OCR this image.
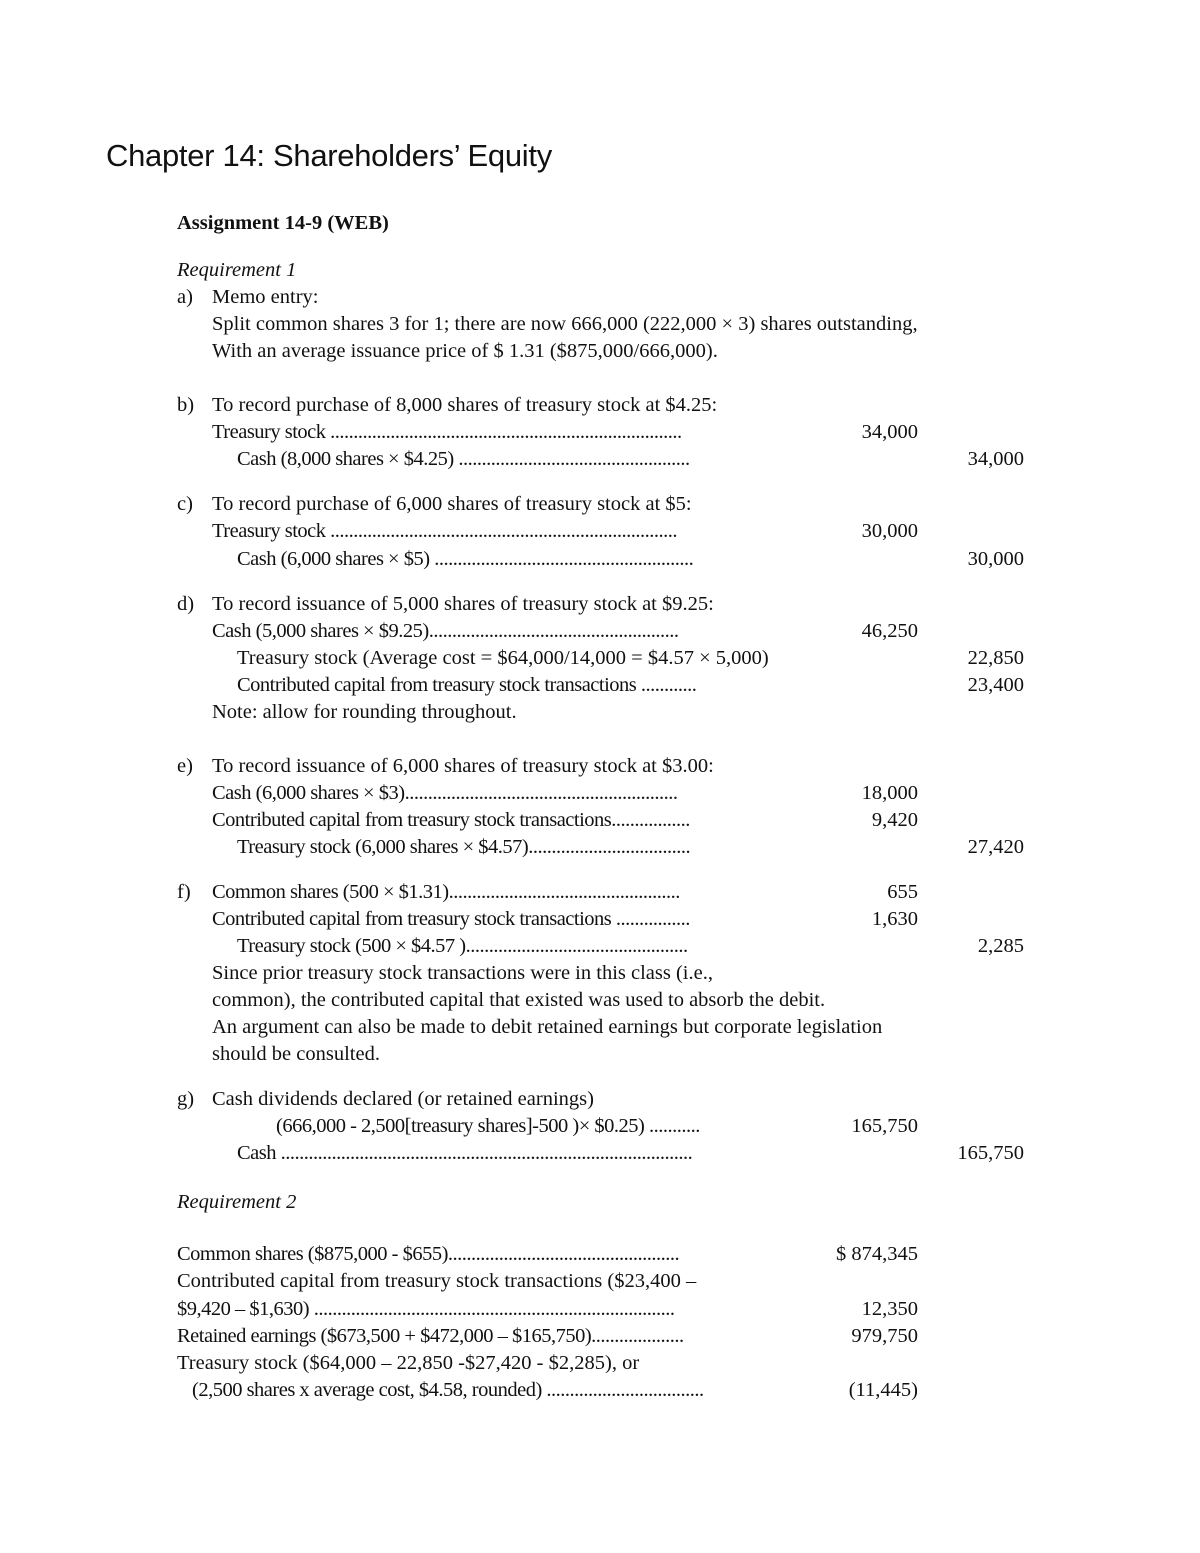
Chapter 14: Shareholders’ Equity
Assignment 14-9 (WEB)
Requirement 1
a) Memo entry:
Split common shares 3 for 1; there are now 666,000 (222,000 × 3) shares outstanding,
With an average issuance price of $ 1.31 ($875,000/666,000).
b) To record purchase of 8,000 shares of treasury stock at $4.25:
Treasury stock ............................................................................	34,000
Cash (8,000 shares × $4.25) ..................................................	34,000
c) To record purchase of 6,000 shares of treasury stock at $5:
Treasury stock ...........................................................................	30,000
Cash (6,000 shares × $5) ........................................................	30,000
d) To record issuance of 5,000 shares of treasury stock at $9.25:
Cash (5,000 shares × $9.25)......................................................	46,250
Treasury stock (Average cost = $64,000/14,000 = $4.57 × 5,000)	22,850
Contributed capital from treasury stock transactions ............	23,400
Note: allow for rounding throughout.
e) To record issuance of 6,000 shares of treasury stock at $3.00:
Cash (6,000 shares × $3)...........................................................	18,000
Contributed capital from treasury stock transactions.................	9,420
Treasury stock (6,000 shares × $4.57)...................................	27,420
f) Common shares (500 × $1.31)..................................................	655
Contributed capital from treasury stock transactions ................	1,630
Treasury stock (500 × $4.57 )................................................	2,285
Since prior treasury stock transactions were in this class (i.e.,
common), the contributed capital that existed was used to absorb the debit.
An argument can also be made to debit retained earnings but corporate legislation
should be consulted.
g) Cash dividends declared (or retained earnings)
(666,000 - 2,500[treasury shares]-500 )× $0.25) ...........	165,750
Cash .........................................................................................	165,750
Requirement 2
Common shares ($875,000 - $655)..................................................	$ 874,345
Contributed capital from treasury stock transactions ($23,400 –
$9,420 – $1,630) ..............................................................................	12,350
Retained earnings ($673,500 + $472,000 – $165,750)....................	979,750
Treasury stock ($64,000 – 22,850 -$27,420 - $2,285), or
(2,500 shares x average cost, $4.58, rounded) ..................................	(11,445)
